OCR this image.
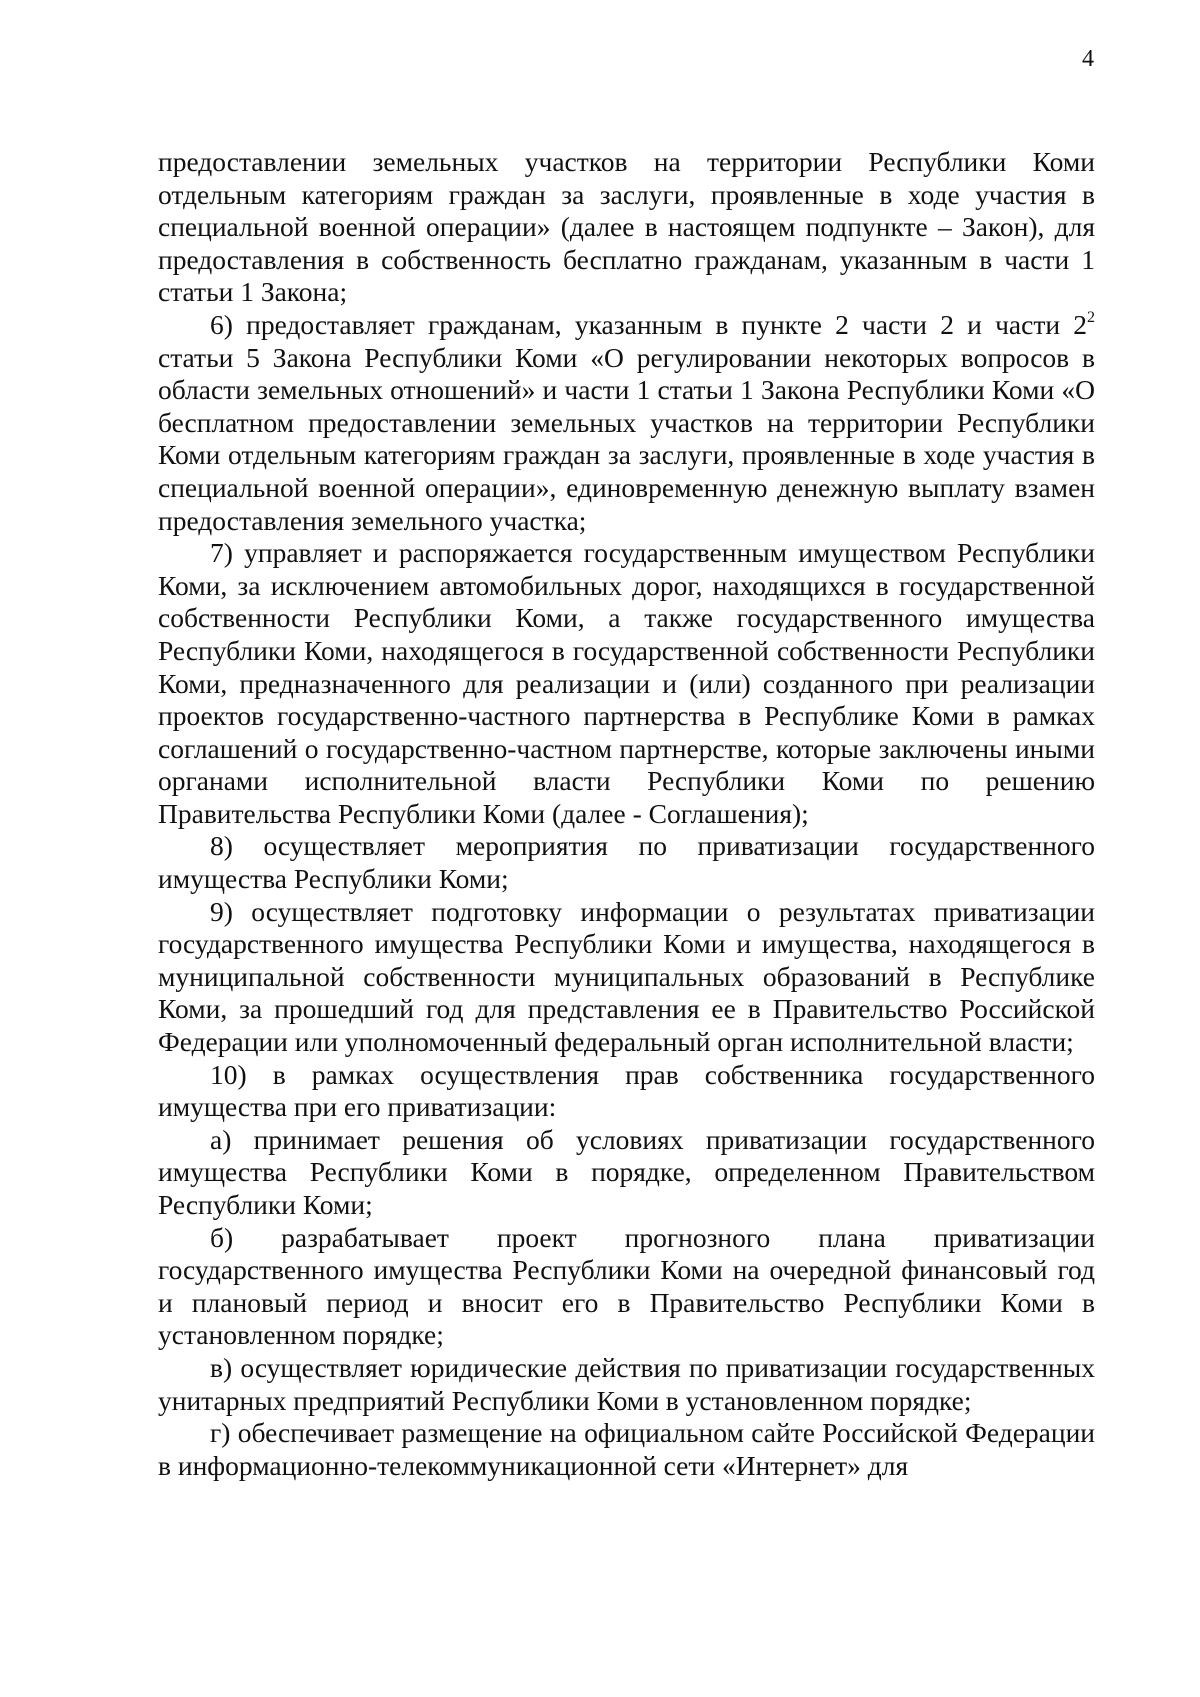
4

предоставлении земельных участков на территории Республики Коми отдельным категориям граждан за заслуги, проявленные в ходе участия в специальной военной операции» (далее в настоящем подпункте – Закон), для предоставления в собственность бесплатно гражданам, указанным в части 1 статьи 1 Закона;

6) предоставляет гражданам, указанным в пункте 2 части 2 и части $2^2$ статьи 5 Закона Республики Коми «О регулировании некоторых вопросов в области земельных отношений» и части 1 статьи 1 Закона Республики Коми «О бесплатном предоставлении земельных участков на территории Республики Коми отдельным категориям граждан за заслуги, проявленные в ходе участия в специальной военной операции», единовременную денежную выплату взамен предоставления земельного участка;

7) управляет и распоряжается государственным имуществом Республики Коми, за исключением автомобильных дорог, находящихся в государственной собственности Республики Коми, а также государственного имущества Республики Коми, находящегося в государственной собственности Республики Коми, предназначенного для реализации и (или) созданного при реализации проектов государственно-частного партнерства в Республике Коми в рамках соглашений о государственно-частном партнерстве, которые заключены иными органами исполнительной власти Республики Коми по решению Правительства Республики Коми (далее - Соглашения);

8) осуществляет мероприятия по приватизации государственного имущества Республики Коми;

9) осуществляет подготовку информации о результатах приватизации государственного имущества Республики Коми и имущества, находящегося в муниципальной собственности муниципальных образований в Республике Коми, за прошедший год для представления ее в Правительство Российской Федерации или уполномоченный федеральный орган исполнительной власти;

10) в рамках осуществления прав собственника государственного имущества при его приватизации:

а) принимает решения об условиях приватизации государственного имущества Республики Коми в порядке, определенном Правительством Республики Коми;

б) разрабатывает проект прогнозного плана приватизации государственного имущества Республики Коми на очередной финансовый год и плановый период и вносит его в Правительство Республики Коми в установленном порядке;

в) осуществляет юридические действия по приватизации государственных унитарных предприятий Республики Коми в установленном порядке;

г) обеспечивает размещение на официальном сайте Российской Федерации в информационно-телекоммуникационной сети «Интернет» для
